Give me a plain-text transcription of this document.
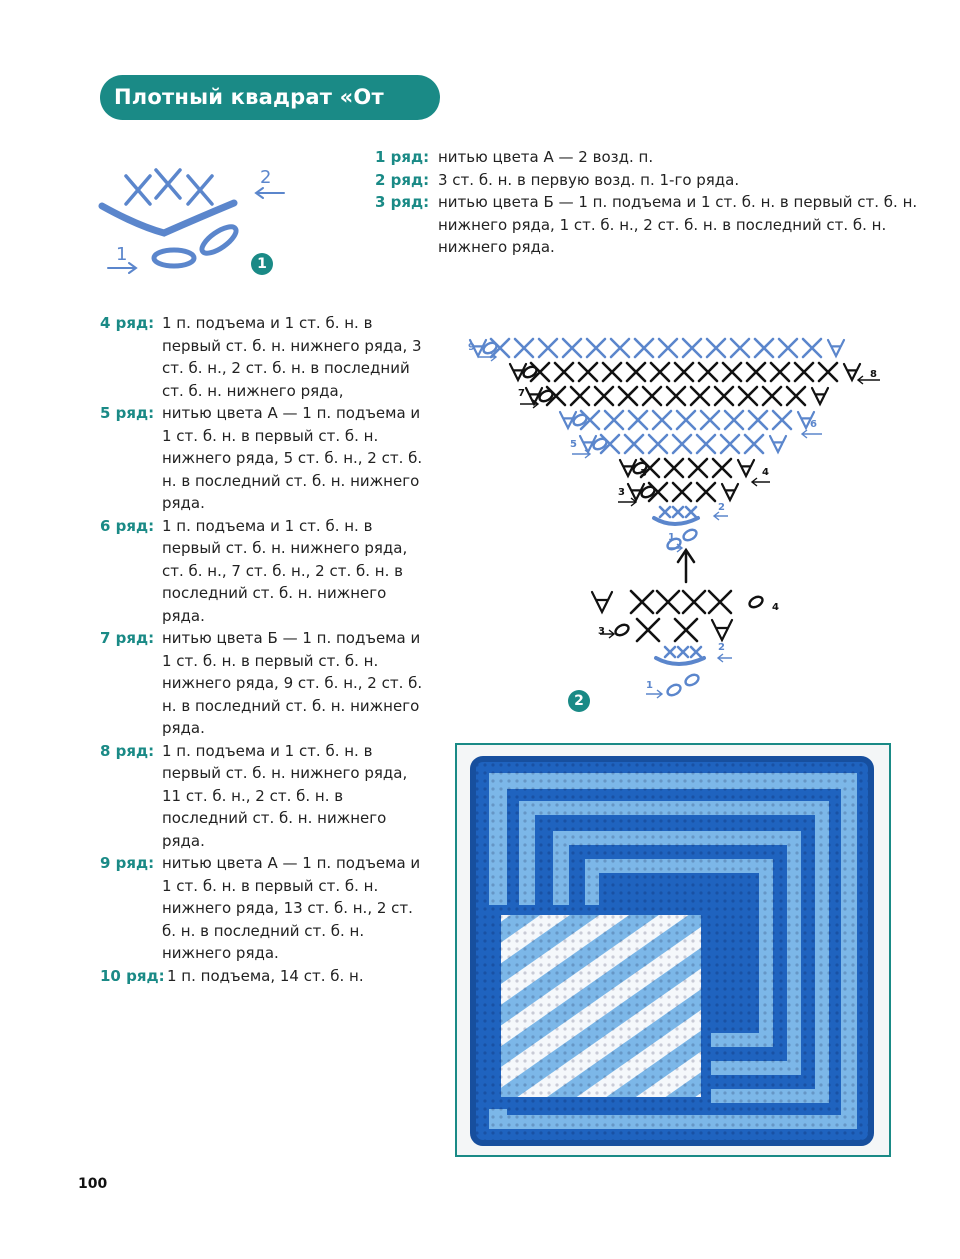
Плотный квадрат «От угла»
1
2
1
1 ряд: нитью цвета А — 2 возд. п.
2 ряд: 3 ст. б. н. в первую возд. п. 1-го ряда.
3 ряд: нитью цвета Б — 1 п. подъема и 1 ст. б. н. в первый ст. б. н. нижнего ряда, 1 ст. б. н., 2 ст. б. н. в последний ст. б. н. нижнего ряда.
4 ряд: 1 п. подъема и 1 ст. б. н. в первый ст. б. н. нижнего ряда, 3 ст. б. н., 2 ст. б. н. в последний ст. б. н. нижнего ряда,
5 ряд: нитью цвета А — 1 п. подъема и 1 ст. б. н. в первый ст. б. н. нижнего ряда, 5 ст. б. н., 2 ст. б. н. в последний ст. б. н. нижнего ряда.
6 ряд: 1 п. подъема и 1 ст. б. н. в первый ст. б. н. нижнего ряда, ст. б. н., 7 ст. б. н., 2 ст. б. н. в последний ст. б. н. нижнего ряда.
7 ряд: нитью цвета Б — 1 п. подъема и 1 ст. б. н. в первый ст. б. н. нижнего ряда, 9 ст. б. н., 2 ст. б. н. в последний ст. б. н. нижнего ряда.
8 ряд: 1 п. подъема и 1 ст. б. н. в первый ст. б. н. нижнего ряда, 11 ст. б. н., 2 ст. б. н. в последний ст. б. н. нижнего ряда.
9 ряд: нитью цвета А — 1 п. подъема и 1 ст. б. н. в первый ст. б. н. нижнего ряда, 13 ст. б. н., 2 ст. б. н. в последний ст. б. н. нижнего ряда.
10 ряд: 1 п. подъема, 14 ст. б. н.
9
8
7
6
5
4
3
3
2
1
4
3
2
1
2
100
